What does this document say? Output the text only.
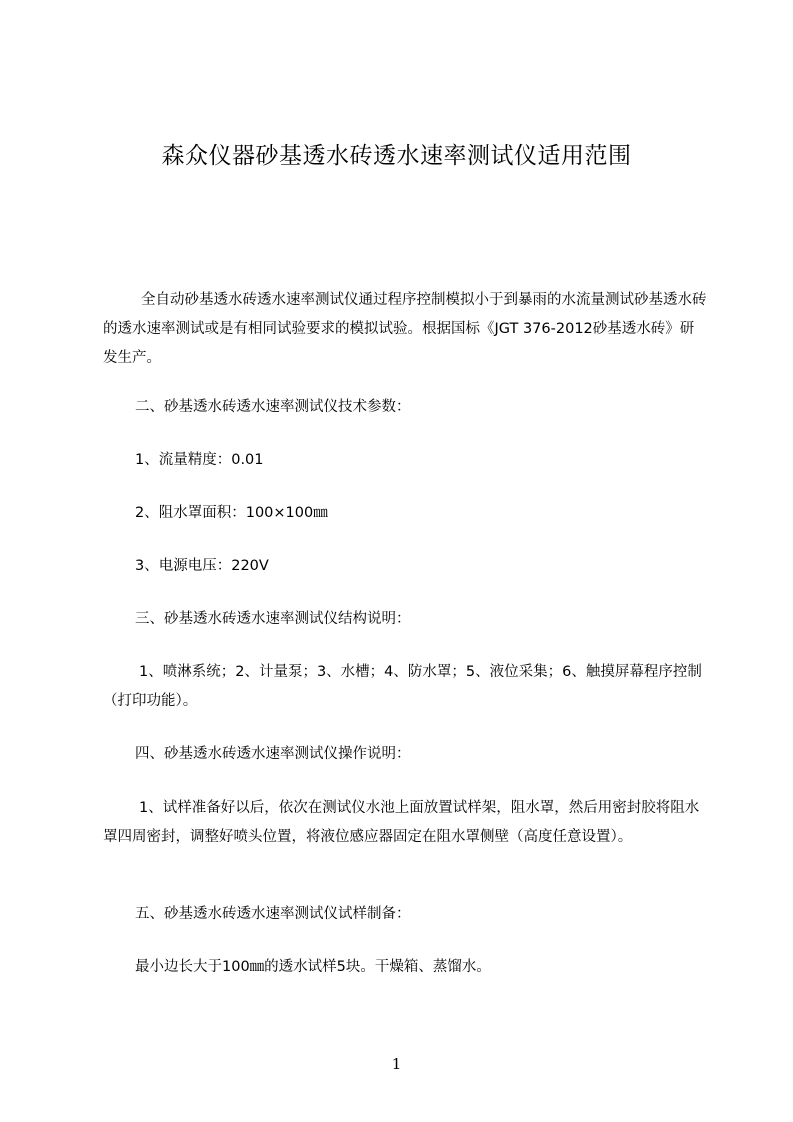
森众仪器砂基透水砖透水速率测试仪适用范围
全自动砂基透水砖透水速率测试仪通过程序控制模拟小于到暴雨的水流量测试砂基透水砖的透水速率测试或是有相同试验要求的模拟试验。根据国标《JGT 376-2012砂基透水砖》研发生产。
二、砂基透水砖透水速率测试仪技术参数：
1、流量精度：0.01
2、阻水罩面积：100×100㎜
3、电源电压：220V
三、砂基透水砖透水速率测试仪结构说明：
1、喷淋系统；2、计量泵；3、水槽；4、防水罩；5、液位采集；6、触摸屏幕程序控制（打印功能）。
四、砂基透水砖透水速率测试仪操作说明：
1、试样准备好以后，依次在测试仪水池上面放置试样架，阻水罩，然后用密封胶将阻水罩四周密封，调整好喷头位置，将液位感应器固定在阻水罩侧壁（高度任意设置）。
五、砂基透水砖透水速率测试仪试样制备：
最小边长大于100㎜的透水试样5块。干燥箱、蒸馏水。
1
